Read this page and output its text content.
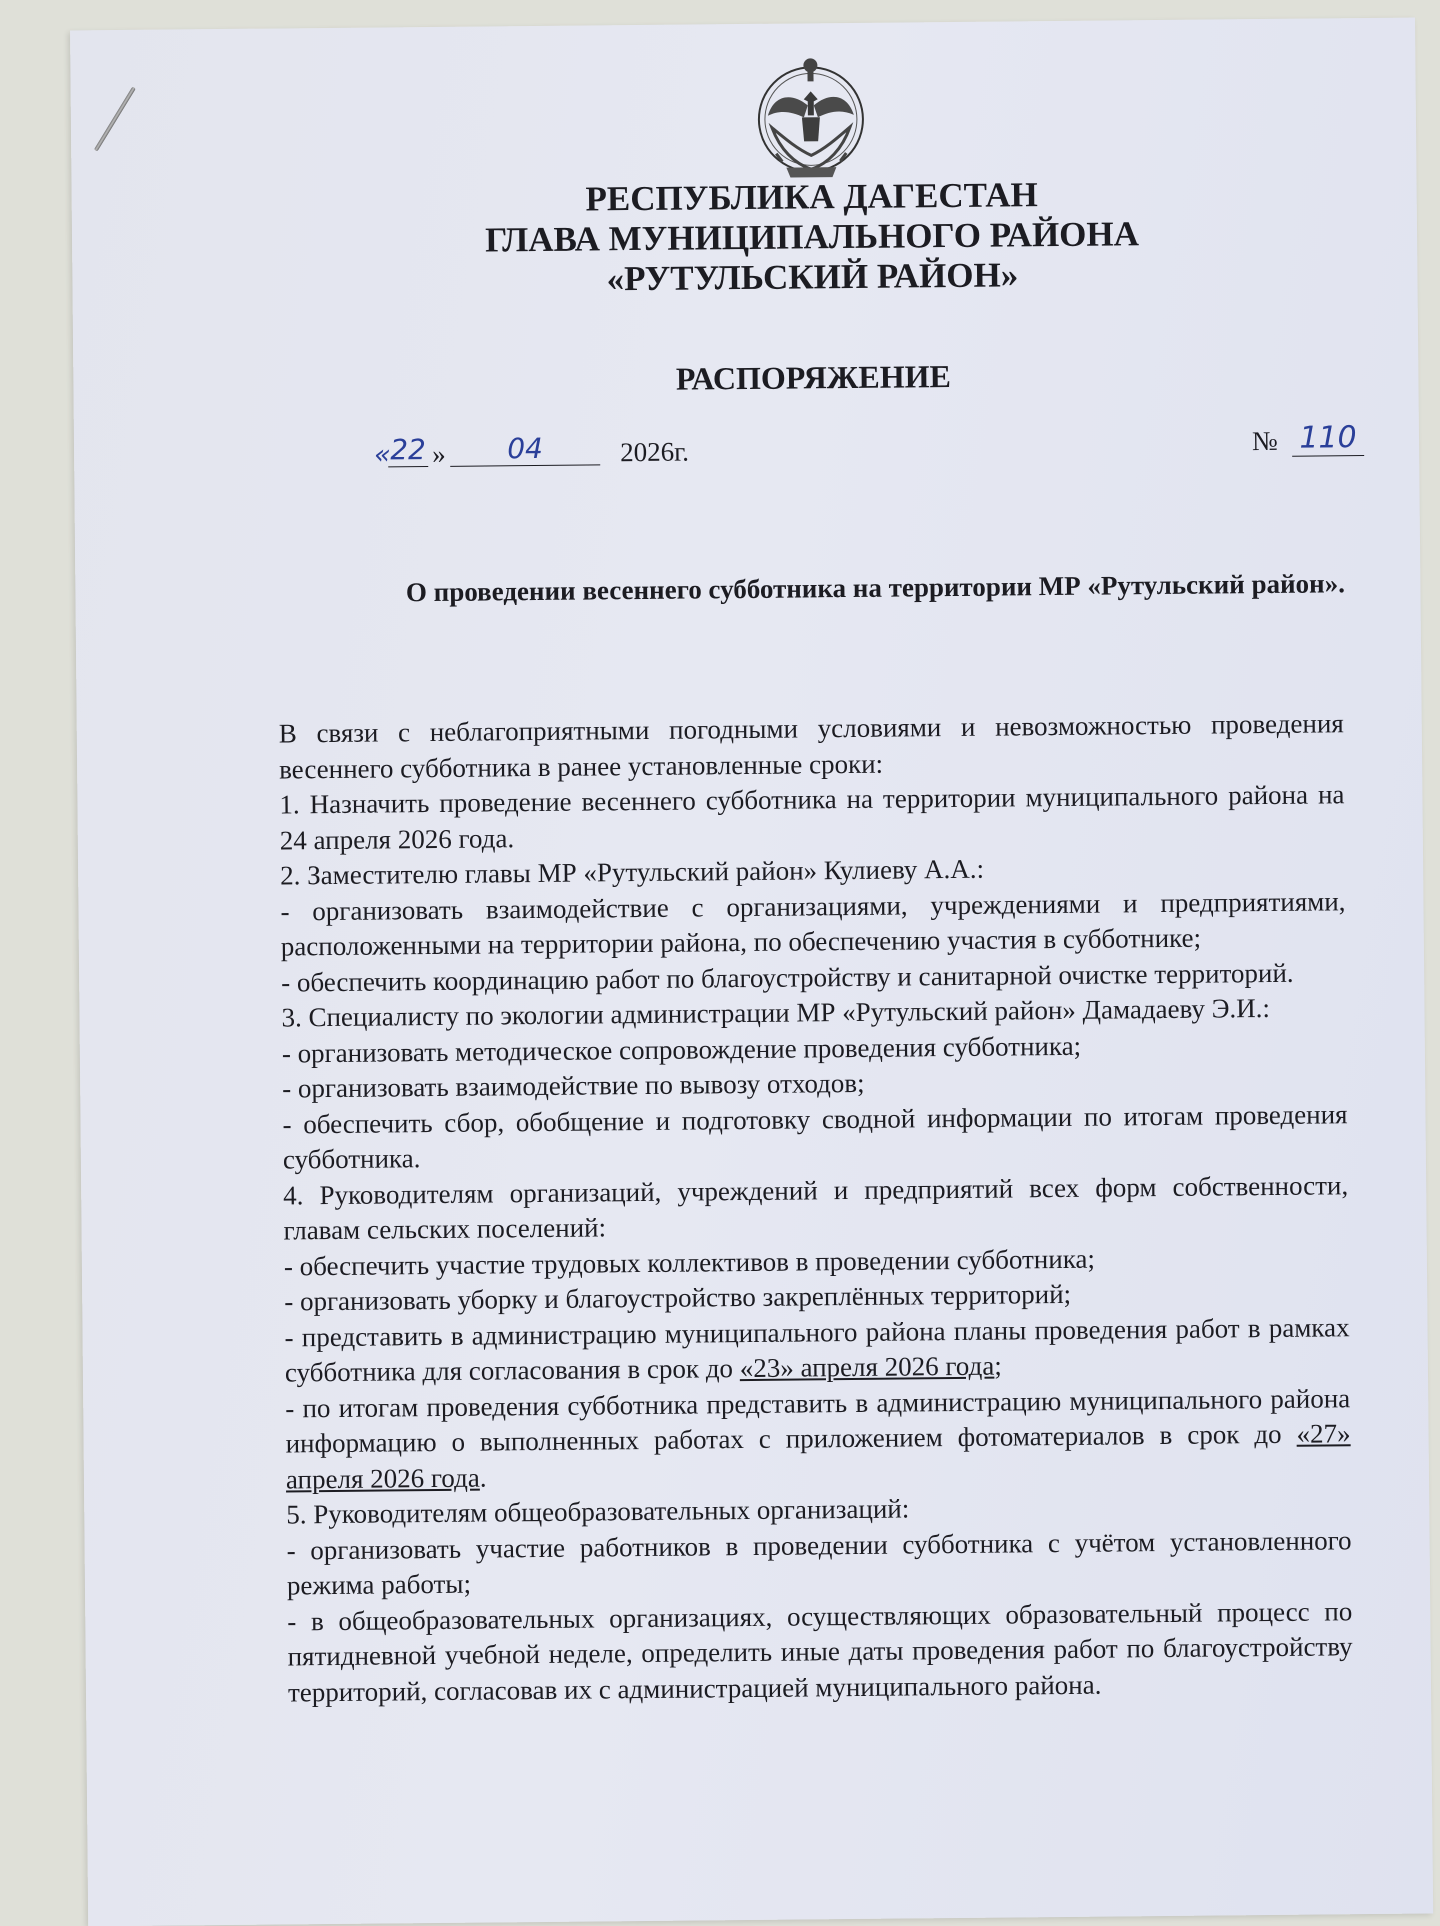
РЕСПУБЛИКА ДАГЕСТАН
ГЛАВА МУНИЦИПАЛЬНОГО РАЙОНА
«РУТУЛЬСКИЙ РАЙОН»
РАСПОРЯЖЕНИЕ
« 22 »	04	2026г.	№ 110
О проведении весеннего субботника на территории МР «Рутульский район».

В связи с неблагоприятными погодными условиями и невозможностью проведения весеннего субботника в ранее установленные сроки:

1. Назначить проведение весеннего субботника на территории муниципального района на 24 апреля 2026 года.

2. Заместителю главы МР «Рутульский район» Кулиеву А.А.:

- организовать взаимодействие с организациями, учреждениями и предприятиями, расположенными на территории района, по обеспечению участия в субботнике;

- обеспечить координацию работ по благоустройству и санитарной очистке территорий.

3. Специалисту по экологии администрации МР «Рутульский район» Дамадаеву Э.И.:

- организовать методическое сопровождение проведения субботника;

- организовать взаимодействие по вывозу отходов;

- обеспечить сбор, обобщение и подготовку сводной информации по итогам проведения субботника.

4. Руководителям организаций, учреждений и предприятий всех форм собственности, главам сельских поселений:

- обеспечить участие трудовых коллективов в проведении субботника;

- организовать уборку и благоустройство закреплённых территорий;

- представить в администрацию муниципального района планы проведения работ в рамках субботника для согласования в срок до «23» апреля 2026 года;

- по итогам проведения субботника представить в администрацию муниципального района информацию о выполненных работах с приложением фотоматериалов в срок до «27» апреля 2026 года.

5. Руководителям общеобразовательных организаций:

- организовать участие работников в проведении субботника с учётом установленного режима работы;

- в общеобразовательных организациях, осуществляющих образовательный процесс по пятидневной учебной неделе, определить иные даты проведения работ по благоустройству территорий, согласовав их с администрацией муниципального района.
